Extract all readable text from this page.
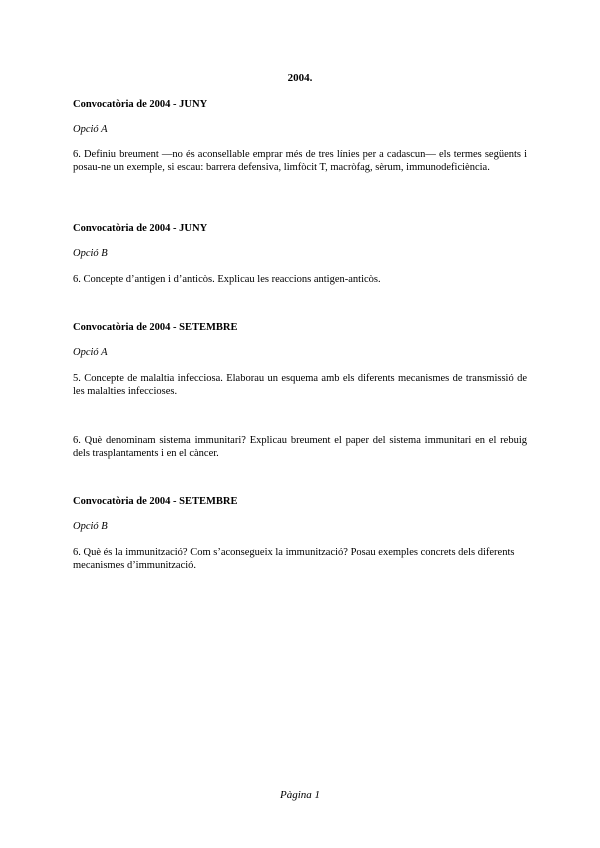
2004.
Convocatòria de 2004 - JUNY
Opció A
6. Definiu breument —no és aconsellable emprar més de tres línies per a cadascun— els termes següents i posau-ne un exemple, si escau: barrera defensiva, limfòcit T, macròfag, sèrum, immunodeficiència.
Convocatòria de 2004 - JUNY
Opció B
6. Concepte d’antigen i d’anticòs. Explicau les reaccions antigen-anticòs.
Convocatòria de 2004 - SETEMBRE
Opció A
5. Concepte de malaltia infecciosa. Elaborau un esquema amb els diferents mecanismes de transmissió de les malalties infeccioses.
6. Què denominam sistema immunitari? Explicau breument el paper del sistema immunitari en el rebuig dels trasplantaments i en el càncer.
Convocatòria de 2004 - SETEMBRE
Opció B
6. Què és la immunització? Com s’aconsegueix la immunització? Posau exemples concrets dels diferents mecanismes d’immunització.
Pàgina 1
